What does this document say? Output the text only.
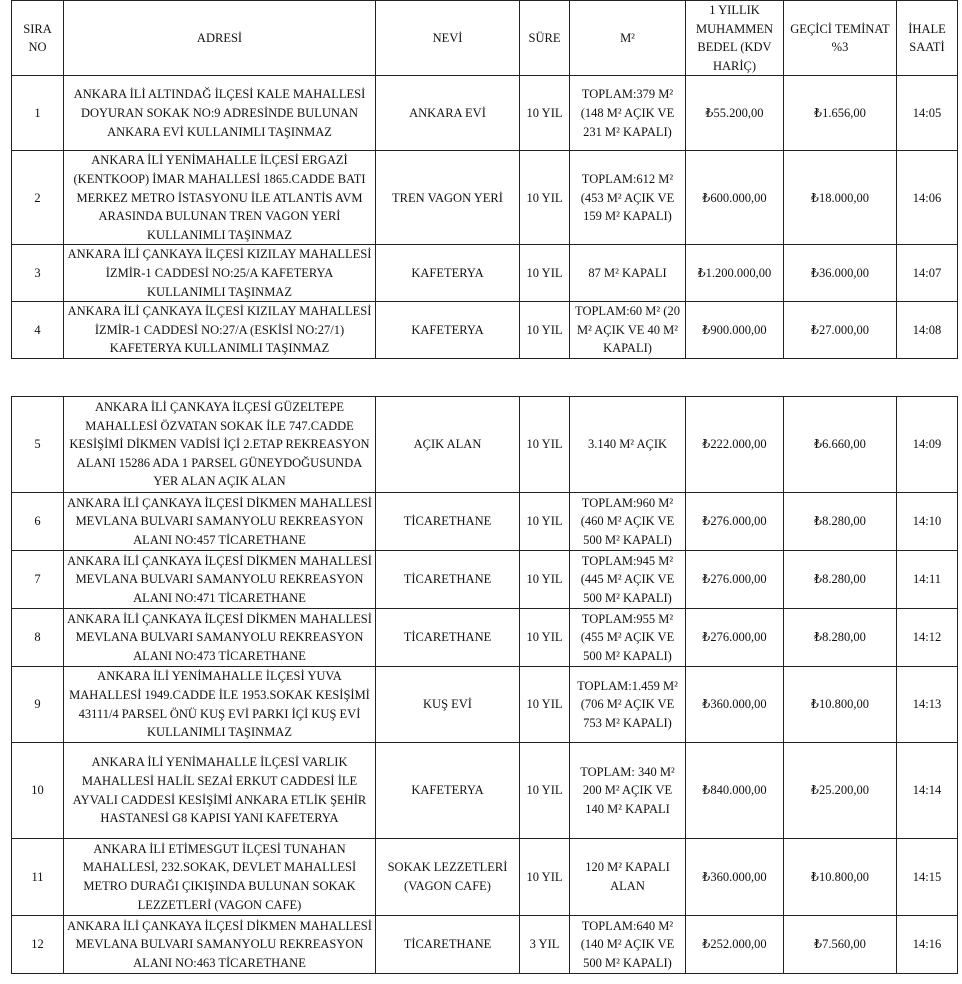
SIRA NO	ADRESİ	NEVİ	SÜRE	M²	1 YILLIK MUHAMMEN BEDEL (KDV HARİÇ)	GEÇİCİ TEMİNAT %3	İHALE SAATİ
1	ANKARA İLİ ALTINDAĞ İLÇESİ KALE MAHALLESİ DOYURAN SOKAK NO:9 ADRESİNDE BULUNAN ANKARA EVİ KULLANIMLI TAŞINMAZ	ANKARA EVİ	10 YIL	TOPLAM:379 M² (148 M² AÇIK VE 231 M² KAPALI)	₺55.200,00	₺1.656,00	14:05
2	ANKARA İLİ YENİMAHALLE İLÇESİ ERGAZİ (KENTKOOP) İMAR MAHALLESİ 1865.CADDE BATI MERKEZ METRO İSTASYONU İLE ATLANTİS AVM ARASINDA BULUNAN TREN VAGON YERİ KULLANIMLI TAŞINMAZ	TREN VAGON YERİ	10 YIL	TOPLAM:612 M² (453 M² AÇIK VE 159 M² KAPALI)	₺600.000,00	₺18.000,00	14:06
3	ANKARA İLİ ÇANKAYA İLÇESİ KIZILAY MAHALLESİ İZMİR-1 CADDESİ NO:25/A KAFETERYA KULLANIMLI TAŞINMAZ	KAFETERYA	10 YIL	87 M² KAPALI	₺1.200.000,00	₺36.000,00	14:07
4	ANKARA İLİ ÇANKAYA İLÇESİ KIZILAY MAHALLESİ İZMİR-1 CADDESİ NO:27/A (ESKİSİ NO:27/1) KAFETERYA KULLANIMLI TAŞINMAZ	KAFETERYA	10 YIL	TOPLAM:60 M² (20 M² AÇIK VE 40 M² KAPALI)	₺900.000,00	₺27.000,00	14:08
5	ANKARA İLİ ÇANKAYA İLÇESİ GÜZELTEPE MAHALLESİ ÖZVATAN SOKAK İLE 747.CADDE KESİŞİMİ DİKMEN VADİSİ İÇİ 2.ETAP REKREASYON ALANI 15286 ADA 1 PARSEL GÜNEYDOĞUSUNDA YER ALAN AÇIK ALAN	AÇIK ALAN	10 YIL	3.140 M² AÇIK	₺222.000,00	₺6.660,00	14:09
6	ANKARA İLİ ÇANKAYA İLÇESİ DİKMEN MAHALLESİ MEVLANA BULVARI SAMANYOLU REKREASYON ALANI NO:457 TİCARETHANE	TİCARETHANE	10 YIL	TOPLAM:960 M² (460 M² AÇIK VE 500 M² KAPALI)	₺276.000,00	₺8.280,00	14:10
7	ANKARA İLİ ÇANKAYA İLÇESİ DİKMEN MAHALLESİ MEVLANA BULVARI SAMANYOLU REKREASYON ALANI NO:471 TİCARETHANE	TİCARETHANE	10 YIL	TOPLAM:945 M² (445 M² AÇIK VE 500 M² KAPALI)	₺276.000,00	₺8.280,00	14:11
8	ANKARA İLİ ÇANKAYA İLÇESİ DİKMEN MAHALLESİ MEVLANA BULVARI SAMANYOLU REKREASYON ALANI NO:473 TİCARETHANE	TİCARETHANE	10 YIL	TOPLAM:955 M² (455 M² AÇIK VE 500 M² KAPALI)	₺276.000,00	₺8.280,00	14:12
9	ANKARA İLİ YENİMAHALLE İLÇESİ YUVA MAHALLESİ 1949.CADDE İLE 1953.SOKAK KESİŞİMİ 43111/4 PARSEL ÖNÜ KUŞ EVİ PARKI İÇİ KUŞ EVİ KULLANIMLI TAŞINMAZ	KUŞ EVİ	10 YIL	TOPLAM:1.459 M² (706 M² AÇIK VE 753 M² KAPALI)	₺360.000,00	₺10.800,00	14:13
10	ANKARA İLİ YENİMAHALLE İLÇESİ VARLIK MAHALLESİ HALİL SEZAİ ERKUT CADDESİ İLE AYVALI CADDESİ KESİŞİMİ ANKARA ETLİK ŞEHİR HASTANESİ G8 KAPISI YANI KAFETERYA	KAFETERYA	10 YIL	TOPLAM: 340 M² 200 M² AÇIK VE 140 M² KAPALI	₺840.000,00	₺25.200,00	14:14
11	ANKARA İLİ ETİMESGUT İLÇESİ TUNAHAN MAHALLESİ, 232.SOKAK, DEVLET MAHALLESİ METRO DURAĞI ÇIKIŞINDA BULUNAN SOKAK LEZZETLERİ (VAGON CAFE)	SOKAK LEZZETLERİ (VAGON CAFE)	10 YIL	120 M² KAPALI ALAN	₺360.000,00	₺10.800,00	14:15
12	ANKARA İLİ ÇANKAYA İLÇESİ DİKMEN MAHALLESİ MEVLANA BULVARI SAMANYOLU REKREASYON ALANI NO:463 TİCARETHANE	TİCARETHANE	3 YIL	TOPLAM:640 M² (140 M² AÇIK VE 500 M² KAPALI)	₺252.000,00	₺7.560,00	14:16
